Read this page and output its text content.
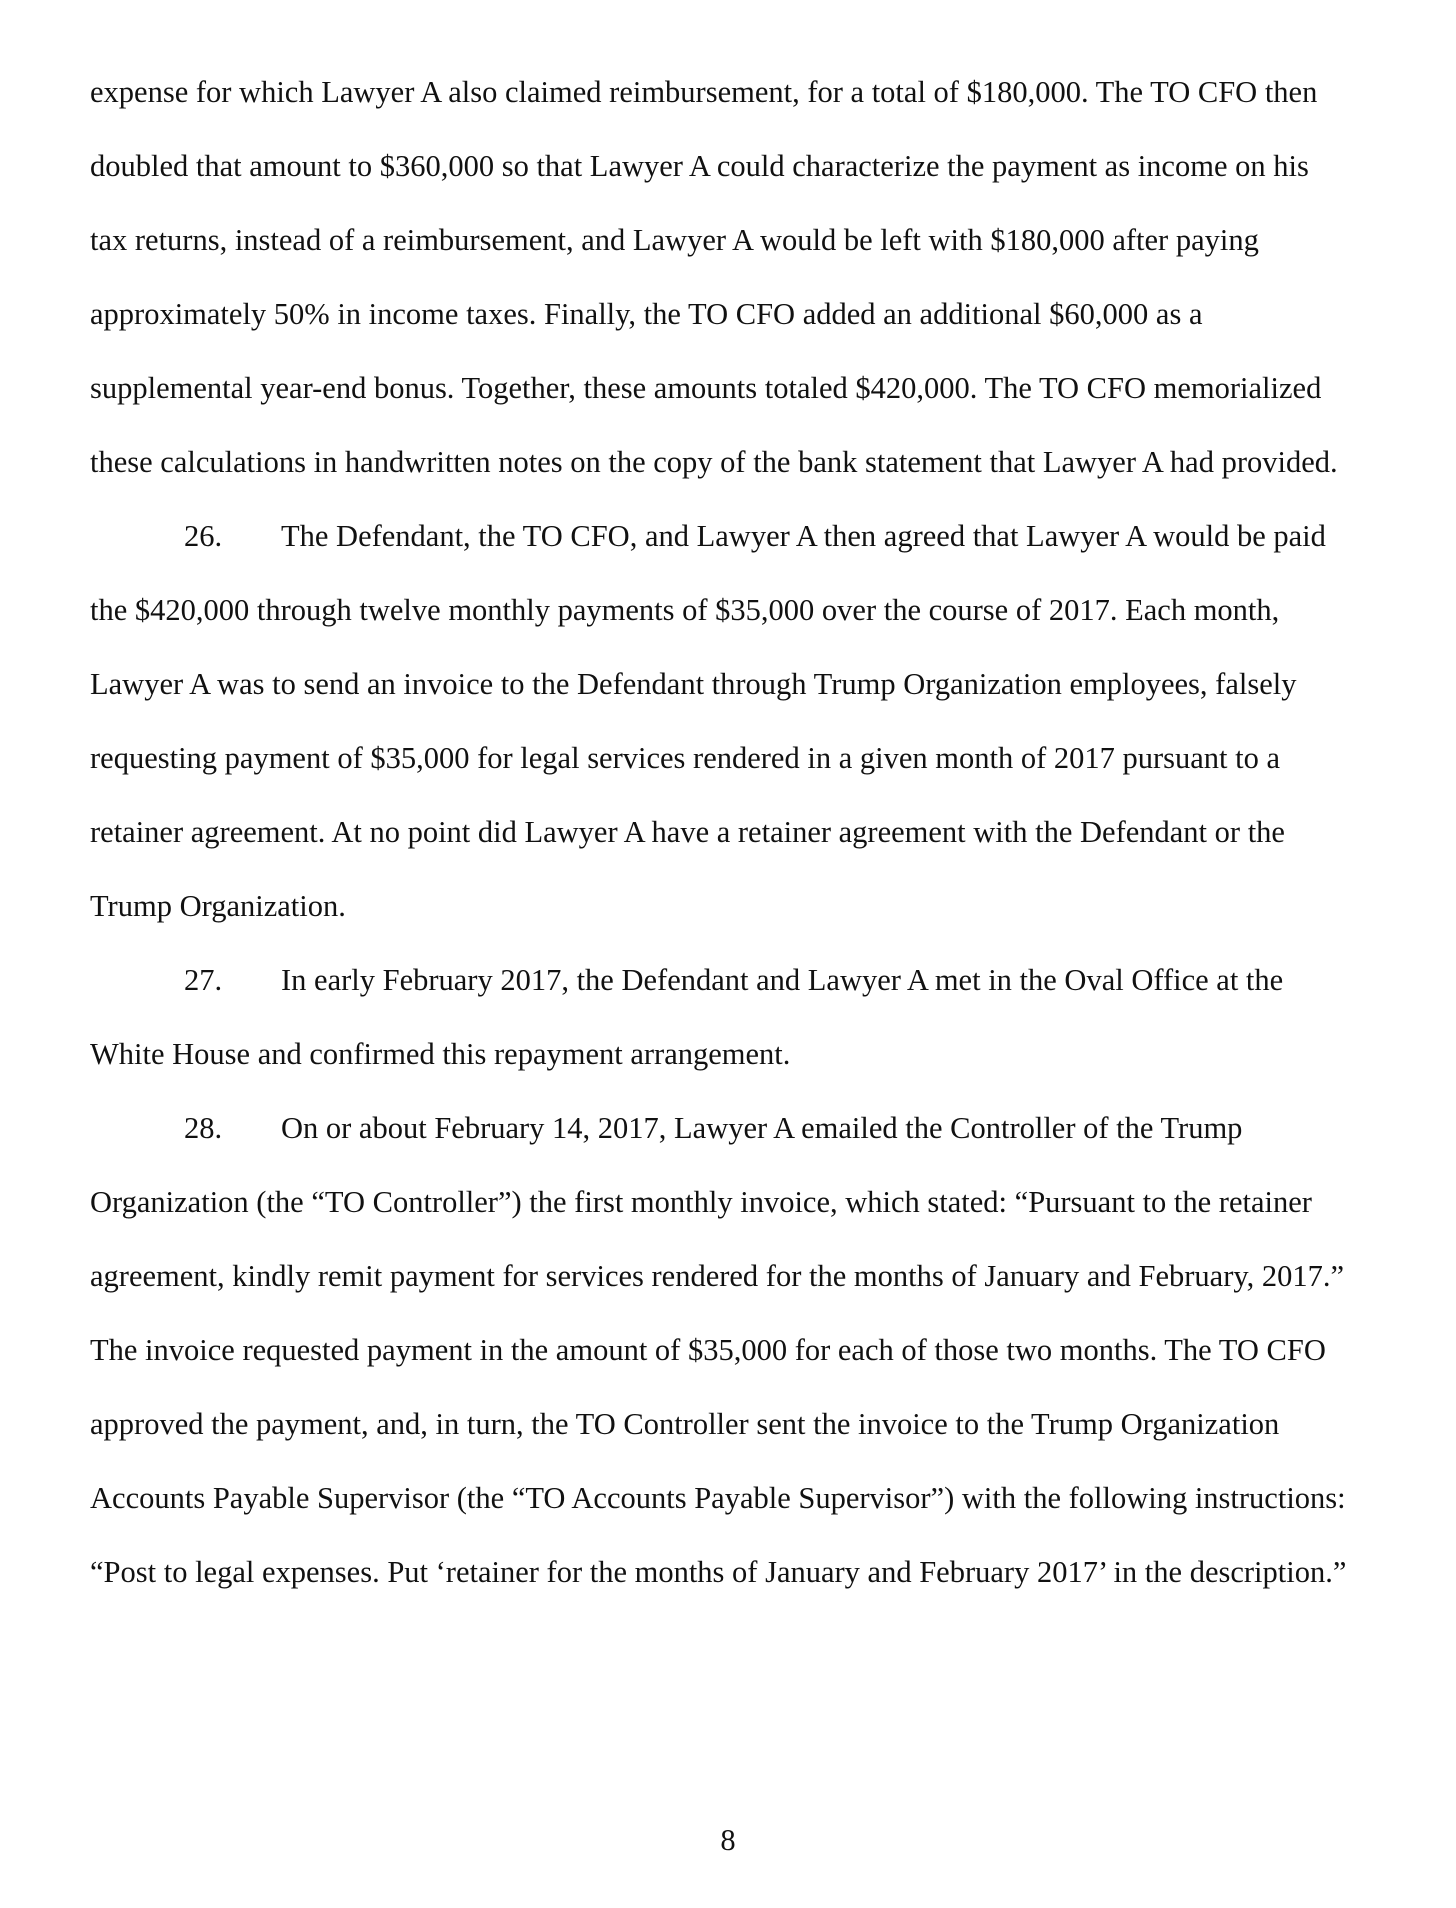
expense for which Lawyer A also claimed reimbursement, for a total of $180,000. The TO CFO then doubled that amount to $360,000 so that Lawyer A could characterize the payment as income on his tax returns, instead of a reimbursement, and Lawyer A would be left with $180,000 after paying approximately 50% in income taxes. Finally, the TO CFO added an additional $60,000 as a supplemental year-end bonus. Together, these amounts totaled $420,000. The TO CFO memorialized these calculations in handwritten notes on the copy of the bank statement that Lawyer A had provided.

26. The Defendant, the TO CFO, and Lawyer A then agreed that Lawyer A would be paid the $420,000 through twelve monthly payments of $35,000 over the course of 2017. Each month, Lawyer A was to send an invoice to the Defendant through Trump Organization employees, falsely requesting payment of $35,000 for legal services rendered in a given month of 2017 pursuant to a retainer agreement. At no point did Lawyer A have a retainer agreement with the Defendant or the Trump Organization.

27. In early February 2017, the Defendant and Lawyer A met in the Oval Office at the White House and confirmed this repayment arrangement.

28. On or about February 14, 2017, Lawyer A emailed the Controller of the Trump Organization (the “TO Controller”) the first monthly invoice, which stated: “Pursuant to the retainer agreement, kindly remit payment for services rendered for the months of January and February, 2017.” The invoice requested payment in the amount of $35,000 for each of those two months. The TO CFO approved the payment, and, in turn, the TO Controller sent the invoice to the Trump Organization Accounts Payable Supervisor (the “TO Accounts Payable Supervisor”) with the following instructions: “Post to legal expenses. Put ‘retainer for the months of January and February 2017’ in the description.”

8
